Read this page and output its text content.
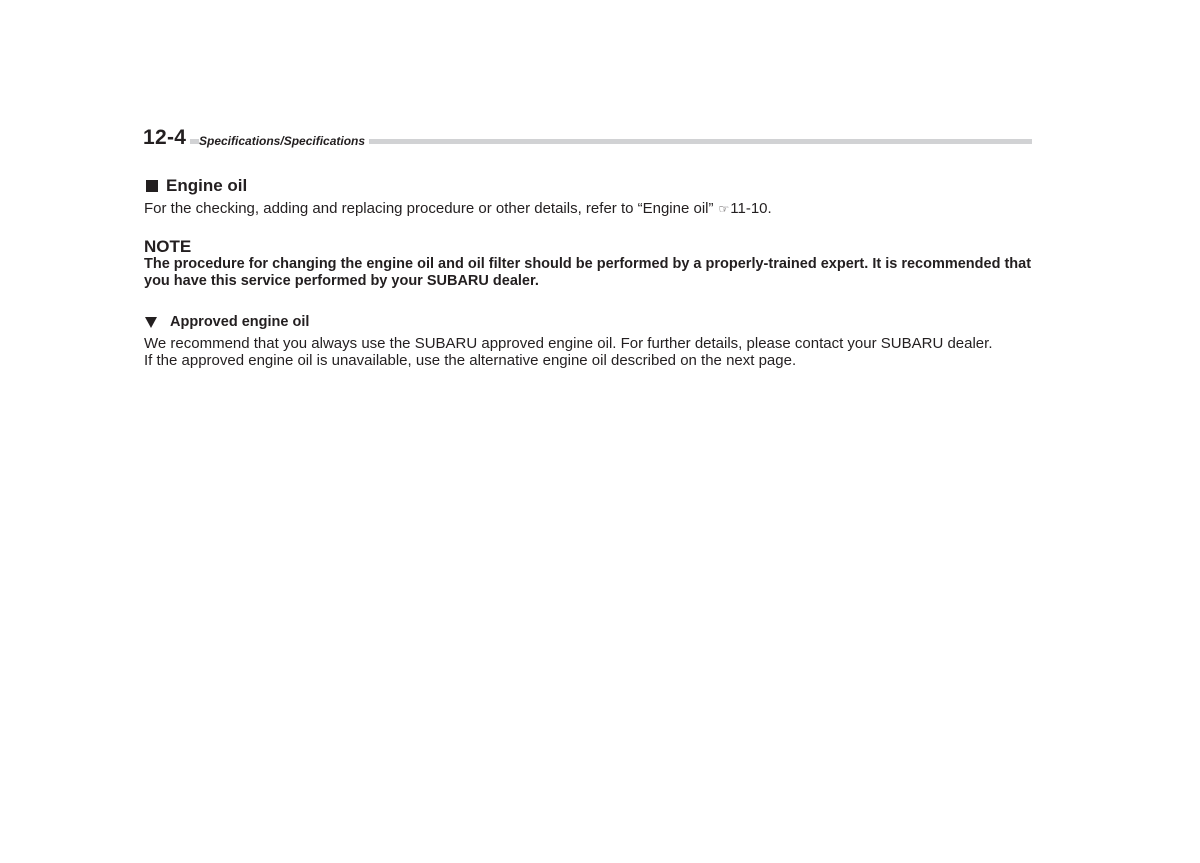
12-4	Specifications/Specifications
Engine oil

For the checking, adding and replacing procedure or other details, refer to “Engine oil” ☞11-10.

NOTE

The procedure for changing the engine oil and oil filter should be performed by a properly-trained expert. It is recommended that you have this service performed by your SUBARU dealer.

Approved engine oil

We recommend that you always use the SUBARU approved engine oil. For further details, please contact your SUBARU dealer.

If the approved engine oil is unavailable, use the alternative engine oil described on the next page.
